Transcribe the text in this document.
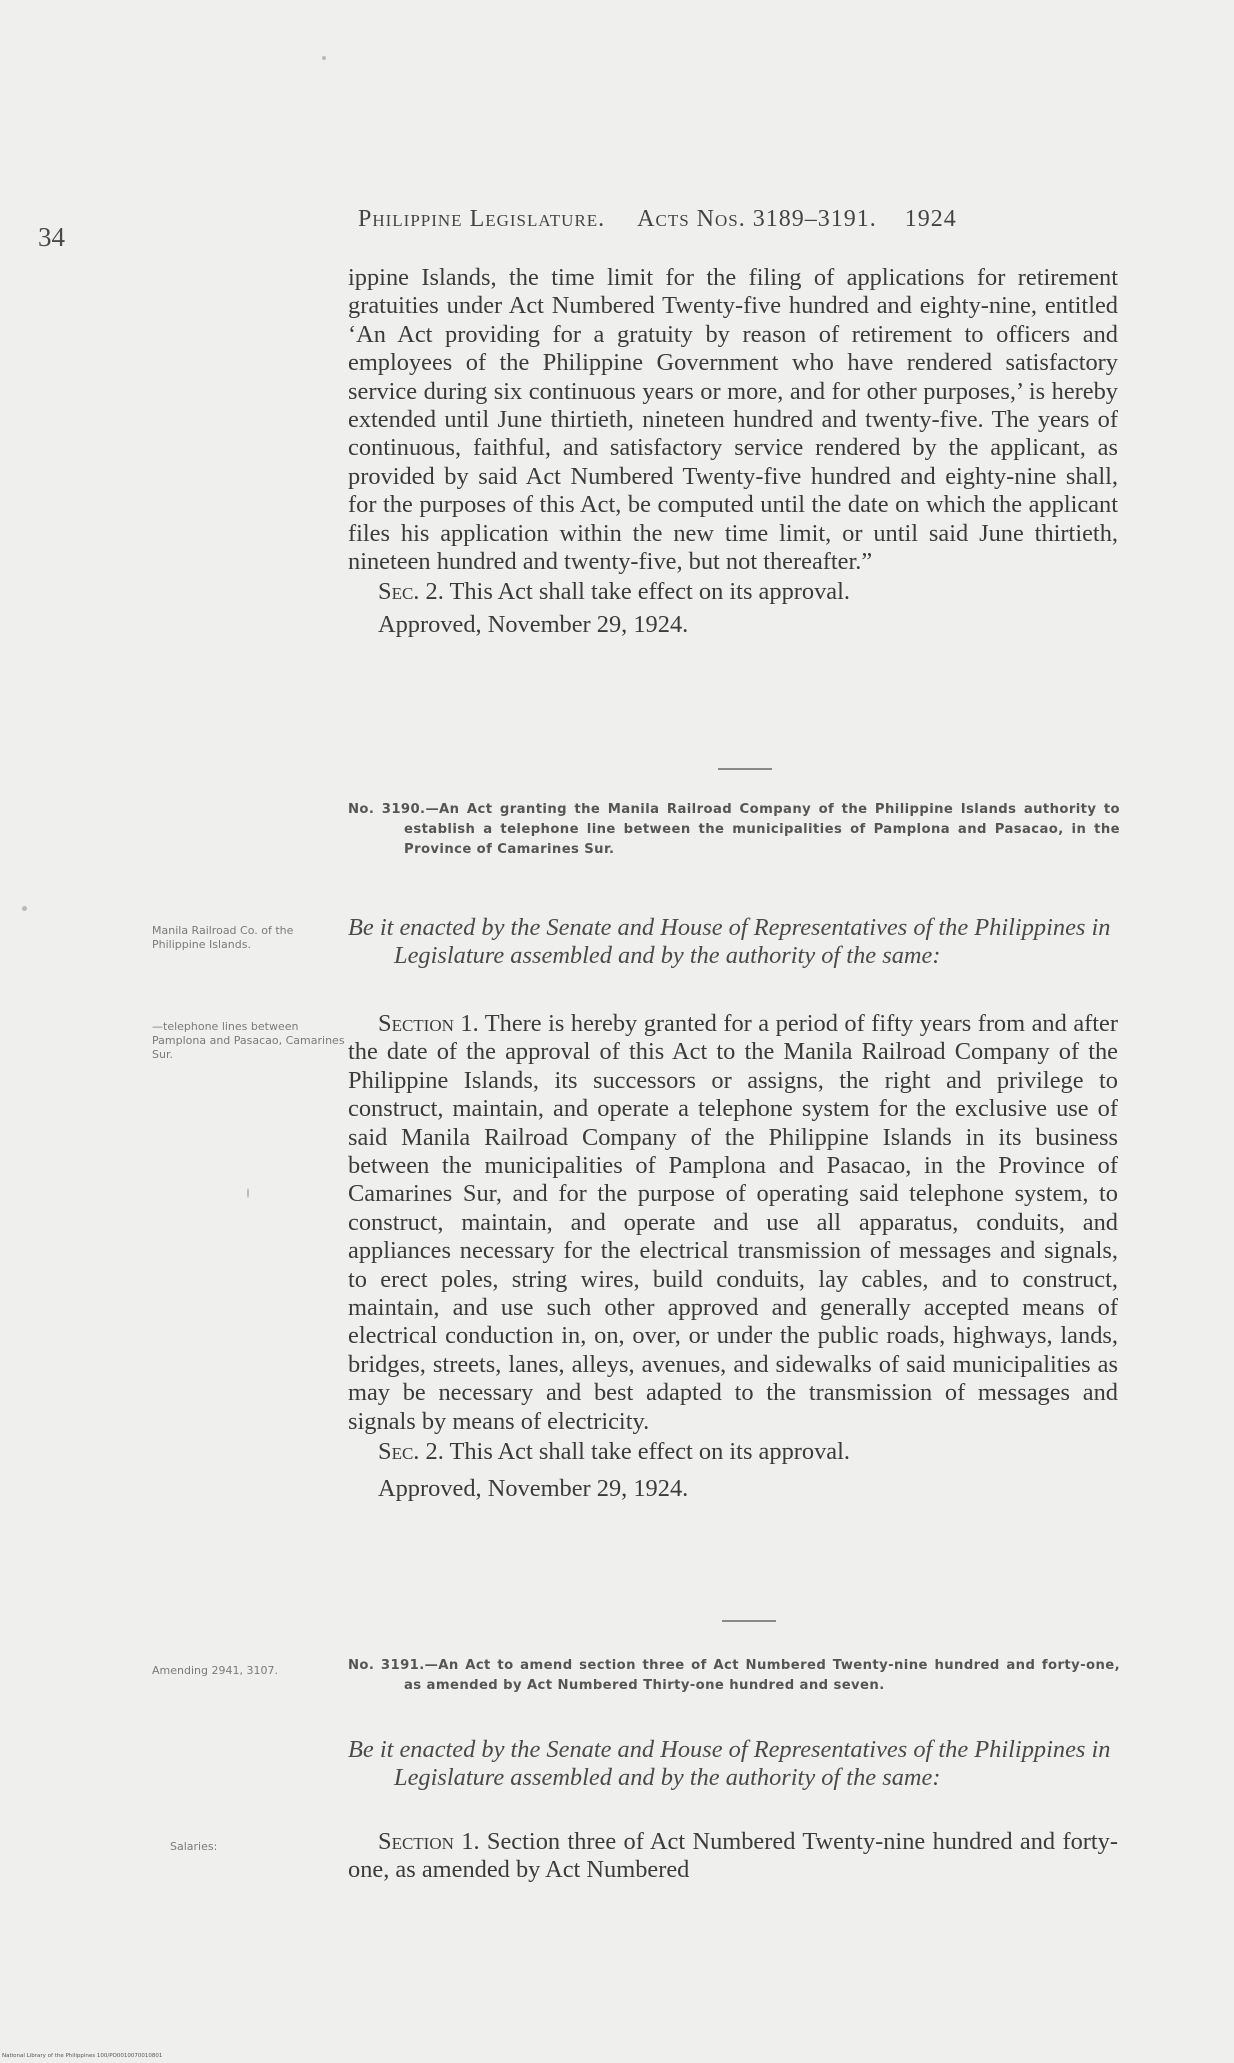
34
Philippine Legislature. Acts Nos. 3189–3191. 1924

ippine Islands, the time limit for the filing of applications for retirement gratuities under Act Numbered Twenty-five hundred and eighty-nine, entitled ‘An Act providing for a gratuity by reason of retirement to officers and employees of the Philippine Government who have rendered satisfactory service during six continuous years or more, and for other purposes,’ is hereby extended until June thirtieth, nineteen hundred and twenty-five. The years of continuous, faithful, and satisfactory service rendered by the applicant, as provided by said Act Numbered Twenty-five hundred and eighty-nine shall, for the purposes of this Act, be computed until the date on which the applicant files his application within the new time limit, or until said June thirtieth, nineteen hundred and twenty-five, but not thereafter.”

Sec. 2. This Act shall take effect on its approval.

Approved, November 29, 1924.

No. 3190.—An Act granting the Manila Railroad Company of the Philippine Islands authority to establish a telephone line between the municipalities of Pamplona and Pasacao, in the Province of Camarines Sur.
Manila Railroad Co. of the Philippine Islands.
Be it enacted by the Senate and House of Representatives of the Philippines in Legislature assembled and by the authority of the same:
—telephone lines between Pamplona and Pasacao, Camarines Sur.

Section 1. There is hereby granted for a period of fifty years from and after the date of the approval of this Act to the Manila Railroad Company of the Philippine Islands, its successors or assigns, the right and privilege to construct, maintain, and operate a telephone system for the exclusive use of said Manila Railroad Company of the Philippine Islands in its business between the municipalities of Pamplona and Pasacao, in the Province of Camarines Sur, and for the purpose of operating said telephone system, to construct, maintain, and operate and use all apparatus, conduits, and appliances necessary for the electrical transmission of messages and signals, to erect poles, string wires, build conduits, lay cables, and to construct, maintain, and use such other approved and generally accepted means of electrical conduction in, on, over, or under the public roads, highways, lands, bridges, streets, lanes, alleys, avenues, and sidewalks of said municipalities as may be necessary and best adapted to the transmission of messages and signals by means of electricity.

Sec. 2. This Act shall take effect on its approval.

Approved, November 29, 1924.

Amending 2941, 3107.	No. 3191.—An Act to amend section three of Act Numbered Twenty-nine hundred and forty-one, as amended by Act Numbered Thirty-one hundred and seven.
Be it enacted by the Senate and House of Representatives of the Philippines in Legislature assembled and by the authority of the same:
Salaries:	Section 1. Section three of Act Numbered Twenty-nine hundred and forty-one, as amended by Act Numbered

National Library of the Philippines 100/PO0010070010801
